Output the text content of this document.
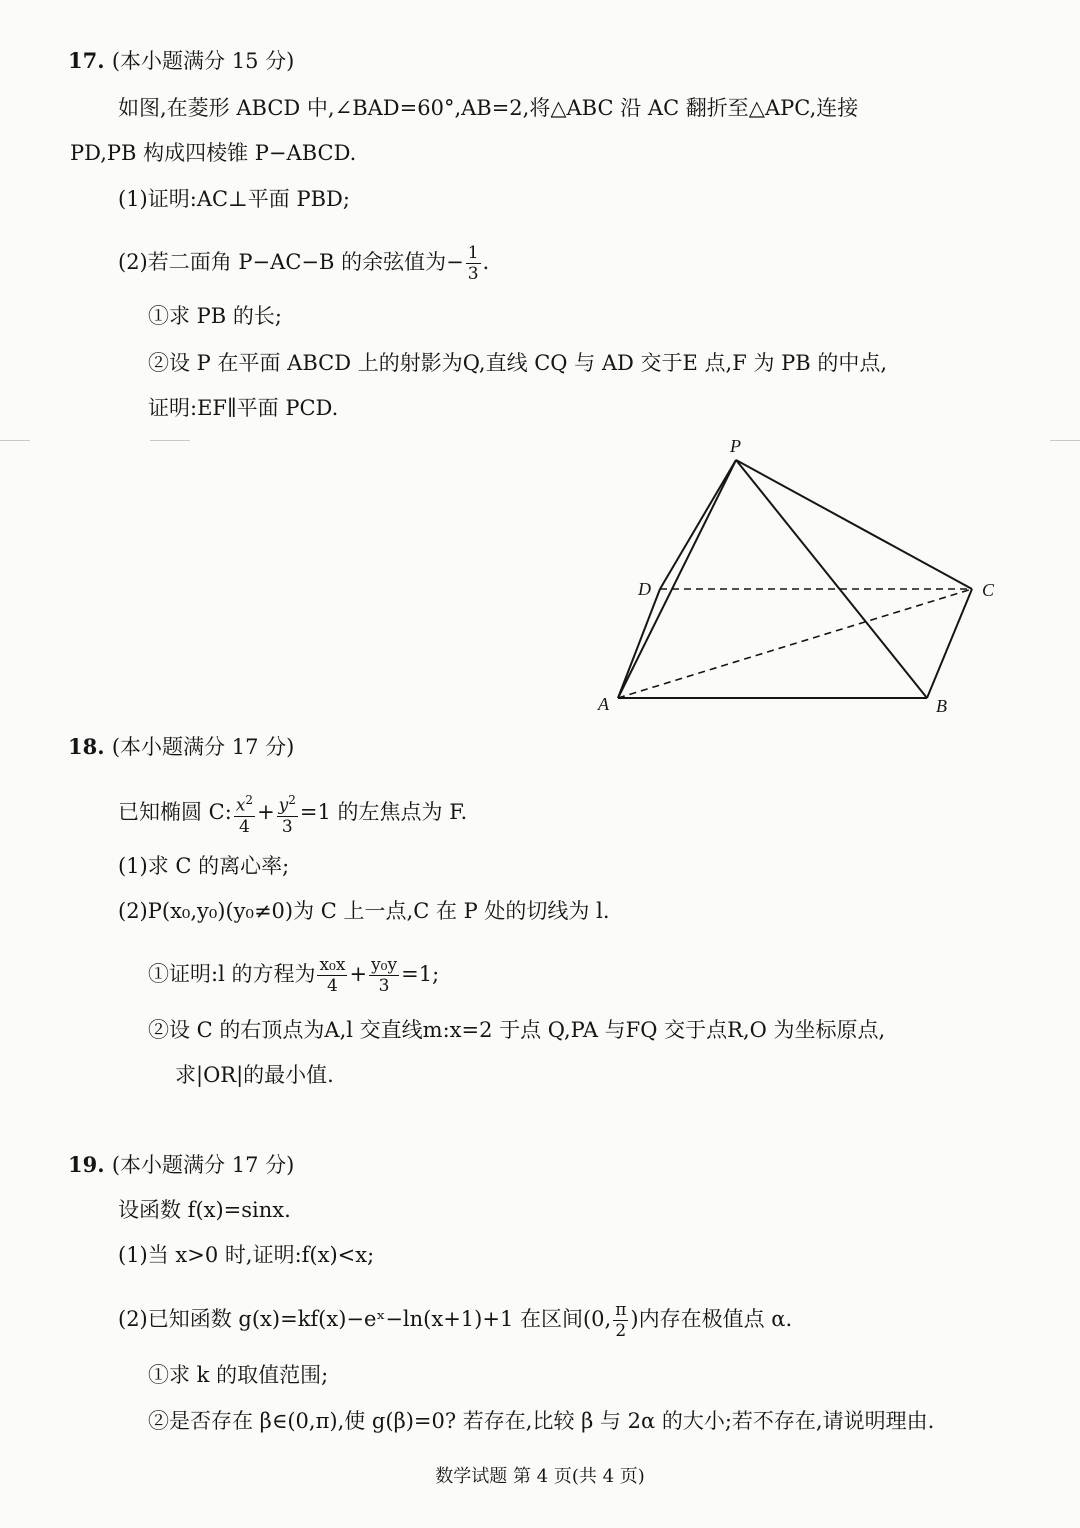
17. (本小题满分 15 分)
如图,在菱形 ABCD 中,∠BAD=60°,AB=2,将△ABC 沿 AC 翻折至△APC,连接
PD,PB 构成四棱锥 P−ABCD.
(1)证明:AC⊥平面 PBD;
(2)若二面角 P−AC−B 的余弦值为− $\frac{1}{3}$ .
①求 PB 的长;
②设 P 在平面 ABCD 上的射影为Q,直线 CQ 与 AD 交于E 点,F 为 PB 的中点,
证明:EF∥平面 PCD.
P
D	C
A	B
18. (本小题满分 17 分)
已知椭圆 C: $\frac{x^2}{4} + \frac{y^2}{3} =1$ 的左焦点为 F.
(1)求 C 的离心率;
(2)P(x₀,y₀)(y₀≠0)为 C 上一点,C 在 P 处的切线为 l.
①证明:l 的方程为 $\frac{\text{x₀x}}{4} + \frac{\text{y₀y}}{3} =1$;
②设 C 的右顶点为A,l 交直线m:x=2 于点 Q,PA 与FQ 交于点R,O 为坐标原点,
求|OR|的最小值.
19. (本小题满分 17 分)
设函数 f(x)=sinx.
(1)当 x>0 时,证明:f(x)<x;
(2)已知函数 g(x)=kf(x)−eˣ−ln(x+1)+1 在区间(0, $\frac{\pi}{2}$ )内存在极值点 α.
①求 k 的取值范围;
②是否存在 β∈(0,π),使 g(β)=0? 若存在,比较 β 与 2α 的大小;若不存在,请说明理由.
数学试题 第 4 页(共 4 页)
